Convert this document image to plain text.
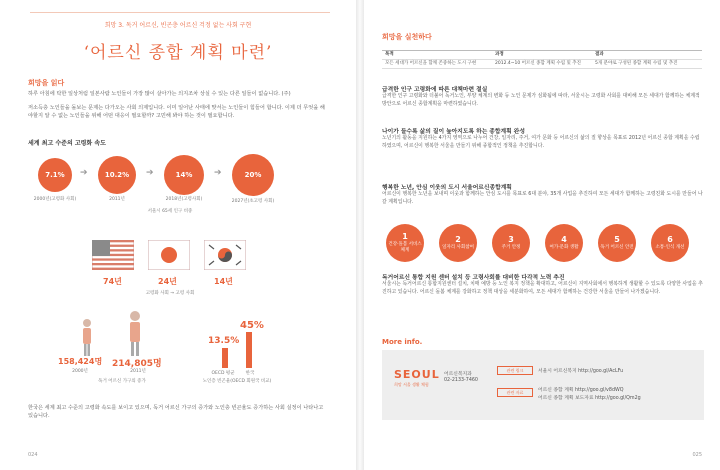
희망 3. 독거 어르신, 빈곤층 어르신 걱정 없는 사회 구현
‘어르신 종합 계획 마련’
희망을 읽다
하루 아침에 탁한 일상처럼 일본사람 노인들이 가장 많이 살아가는 의지조차 상실 수 있는 다른 일들이 없습니다. (주)
저소득층 노인들을 돌보는 문제는 다가오는 사회 의제입니다. 이미 일어난 사태에 맞서는 노인들이 힘들어 합니다. 이제 더 무엇을 해야할지 알 수 없는 노인들을 위해 어떤 대응이 필요할까? 고민해 봐야 하는 것이 필요합니다.
세계 최고 수준의 고령화 속도
7.1%
2000년(고령화 사회)
➔	10.2%
2011년
➔	14%
2018년(고령사회)
➔	20%
2027년(초고령 사회)
서울시 65세 인구 비중
74년	24년
고령화 사회 → 고령 사회
14년
158,424명
2000년
214,805명
2011년
독거 어르신 가구의 증가
13.5%
45%
OECD 평균	한국
노인층 빈곤율(OECD 회원국 비교)
한국은 세계 최고 수준의 고령화 속도를 보이고 있으며, 독거 어르신 가구의 증가와 노인층 빈곤율도 증가하는 사회 실정이 나타나고 있습니다.
024
희망을 실천하다
목적	과정	결과
모든 세대가 어르신을 함께 존중하는 도시 구현	2012.4~10 어르신 종합 계획 수립 및 추진	5개 분야로 구성된 종합 계획 수립 및 추진
급격한 인구 고령화에 따른 대책마련 절실
급격한 인구 고령화와 더불어 독거노인, 부양 체계의 변화 등 노인 문제가 심화됨에 따라, 서울시는 고령화 사회를 대비해 모든 세대가 함께하는 체계적 방안으로 어르신 종합계획을 마련하였습니다.
나이가 들수록 삶의 질이 높아지도록 하는 종합계획 완성
노년기의 활동을 지원하는 4가지 영역으로 나누어 건강, 일자리, 주거, 여가 문화 등 어르신의 삶의 질 향상을 목표로 2012년 어르신 종합 계획을 수립하였으며, 어르신이 행복한 서울을 만들기 위해 종합적인 정책을 추진합니다.
행복한 노년, 안심 이웃의 도시 서울어르신종합계획
어르신이 행복한 노년을 보내며 이웃과 함께하는 안심 도시를 목표로 6대 분야, 35개 사업을 추진하여 모든 세대가 함께하는 고령친화 도시를 만들어 나갈 계획입니다.
1
건강·돌봄 서비스 체계
2
일자리 사회참여
3
주거 안정
4
여가·문화 생활
5
독거 어르신 안전
6
소통·인식 개선
독거어르신 통합 지원 센터 설치 등 고령사회를 대비한 다각적 노력 추진
서울시는 독거어르신 통합지원센터 설치, 치매 예방 등 노인 복지 정책을 확대하고, 어르신이 지역사회에서 행복하게 생활할 수 있도록 다양한 사업을 추진하고 있습니다. 어르신 돌봄 체계를 강화하고 정책 대상을 세분화하여, 모든 세대가 함께하는 건강한 서울을 만들어 나가겠습니다.
More info.
SEOUL
희망 서울 생활 체험
어르신복지과
02-2133-7460
관련 링크	서울시 어르신복지 http://goo.gl/AcLFu
관련 자료	어르신 종합 계획 http://goo.gl/v8dWQ
어르신 종합 계획 보도자료 http://goo.gl/Qm2g
025
